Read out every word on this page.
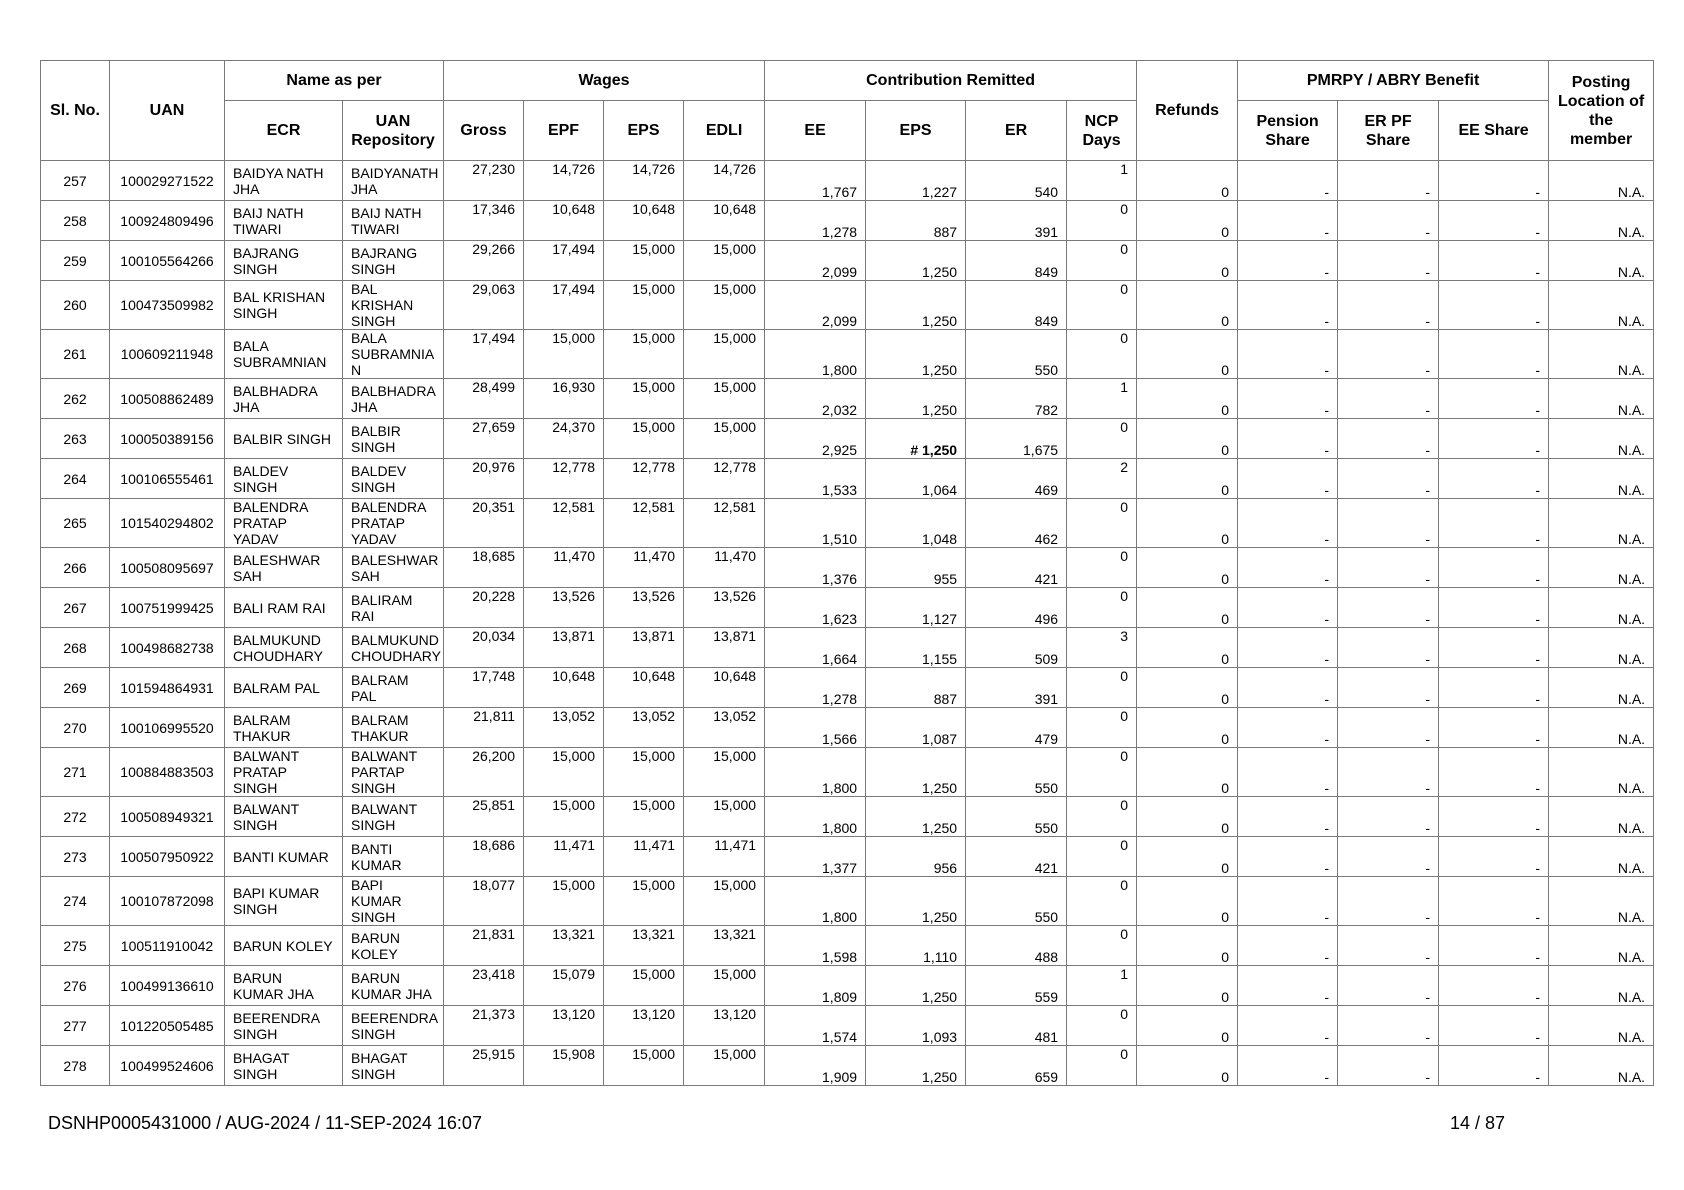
Sl. No.	UAN	Name as per		Wages				Contribution Remitted				Refunds	PMRPY / ABRY Benefit			Posting Location of the member
		ECR	UAN Repository	Gross	EPF	EPS	EDLI	EE	EPS	ER	NCP Days		Pension Share	ER PF Share	EE Share	
257	100029271522	BAIDYA NATH JHA	BAIDYANATH JHA	27,230	14,726	14,726	14,726	1,767	1,227	540	1	0	-	-	-	N.A.
258	100924809496	BAIJ NATH TIWARI	BAIJ NATH TIWARI	17,346	10,648	10,648	10,648	1,278	887	391	0	0	-	-	-	N.A.
259	100105564266	BAJRANG SINGH	BAJRANG SINGH	29,266	17,494	15,000	15,000	2,099	1,250	849	0	0	-	-	-	N.A.
260	100473509982	BAL KRISHAN SINGH	BAL KRISHAN SINGH	29,063	17,494	15,000	15,000	2,099	1,250	849	0	0	-	-	-	N.A.
261	100609211948	BALA SUBRAMNIAN	BALA SUBRAMNIA N	17,494	15,000	15,000	15,000	1,800	1,250	550	0	0	-	-	-	N.A.
262	100508862489	BALBHADRA JHA	BALBHADRA JHA	28,499	16,930	15,000	15,000	2,032	1,250	782	1	0	-	-	-	N.A.
263	100050389156	BALBIR SINGH	BALBIR SINGH	27,659	24,370	15,000	15,000	2,925	# 1,250	1,675	0	0	-	-	-	N.A.
264	100106555461	BALDEV SINGH	BALDEV SINGH	20,976	12,778	12,778	12,778	1,533	1,064	469	2	0	-	-	-	N.A.
265	101540294802	BALENDRA PRATAP YADAV	BALENDRA PRATAP YADAV	20,351	12,581	12,581	12,581	1,510	1,048	462	0	0	-	-	-	N.A.
266	100508095697	BALESHWAR SAH	BALESHWAR SAH	18,685	11,470	11,470	11,470	1,376	955	421	0	0	-	-	-	N.A.
267	100751999425	BALI RAM RAI	BALIRAM RAI	20,228	13,526	13,526	13,526	1,623	1,127	496	0	0	-	-	-	N.A.
268	100498682738	BALMUKUND CHOUDHARY	BALMUKUND CHOUDHARY	20,034	13,871	13,871	13,871	1,664	1,155	509	3	0	-	-	-	N.A.
269	101594864931	BALRAM PAL	BALRAM PAL	17,748	10,648	10,648	10,648	1,278	887	391	0	0	-	-	-	N.A.
270	100106995520	BALRAM THAKUR	BALRAM THAKUR	21,811	13,052	13,052	13,052	1,566	1,087	479	0	0	-	-	-	N.A.
271	100884883503	BALWANT PRATAP SINGH	BALWANT PARTAP SINGH	26,200	15,000	15,000	15,000	1,800	1,250	550	0	0	-	-	-	N.A.
272	100508949321	BALWANT SINGH	BALWANT SINGH	25,851	15,000	15,000	15,000	1,800	1,250	550	0	0	-	-	-	N.A.
273	100507950922	BANTI KUMAR	BANTI KUMAR	18,686	11,471	11,471	11,471	1,377	956	421	0	0	-	-	-	N.A.
274	100107872098	BAPI KUMAR SINGH	BAPI KUMAR SINGH	18,077	15,000	15,000	15,000	1,800	1,250	550	0	0	-	-	-	N.A.
275	100511910042	BARUN KOLEY	BARUN KOLEY	21,831	13,321	13,321	13,321	1,598	1,110	488	0	0	-	-	-	N.A.
276	100499136610	BARUN KUMAR JHA	BARUN KUMAR JHA	23,418	15,079	15,000	15,000	1,809	1,250	559	1	0	-	-	-	N.A.
277	101220505485	BEERENDRA SINGH	BEERENDRA SINGH	21,373	13,120	13,120	13,120	1,574	1,093	481	0	0	-	-	-	N.A.
278	100499524606	BHAGAT SINGH	BHAGAT SINGH	25,915	15,908	15,000	15,000	1,909	1,250	659	0	0	-	-	-	N.A.
DSNHP0005431000 / AUG-2024 / 11-SEP-2024 16:07	14 / 87
